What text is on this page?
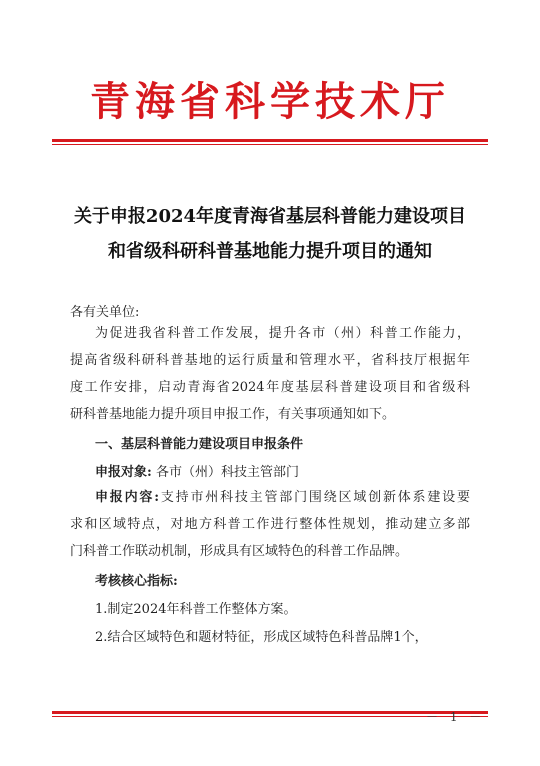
青海省科学技术厅
关于申报2024年度青海省基层科普能力建设项目
和省级科研科普基地能力提升项目的通知
各有关单位:
为促进我省科普工作发展，提升各市（州）科普工作能力，
提高省级科研科普基地的运行质量和管理水平，省科技厅根据年
度工作安排，启动青海省2024年度基层科普建设项目和省级科
研科普基地能力提升项目申报工作，有关事项通知如下。
一、基层科普能力建设项目申报条件
申报对象: 各市（州）科技主管部门
申报内容:支持市州科技主管部门围绕区域创新体系建设要
求和区域特点，对地方科普工作进行整体性规划，推动建立多部
门科普工作联动机制，形成具有区域特色的科普工作品牌。
考核核心指标:
1.制定2024年科普工作整体方案。
2.结合区域特色和题材特征，形成区域特色科普品牌1个，
－ 1 －
